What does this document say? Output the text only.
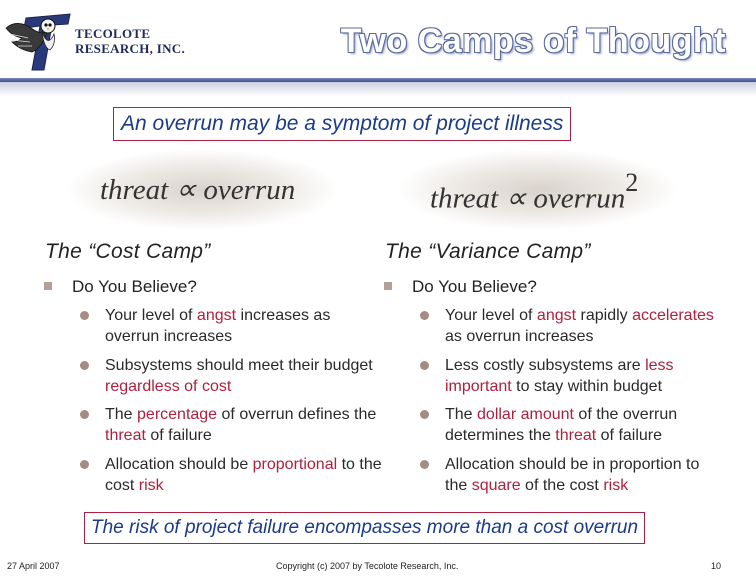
TECOLOTE
RESEARCH, INC.	Two Camps of Thought
An overrun may be a symptom of project illness
threat ∝ overrun	threat ∝ overrun$^2$
The “Cost Camp”	The “Variance Camp”
Do You Believe?	Do You Believe?
Your level of angst increases as overrun increases
Subsystems should meet their budget regardless of cost
The percentage of overrun defines the threat of failure
Allocation should be proportional to the cost risk
Your level of angst rapidly accelerates as overrun increases
Less costly subsystems are less important to stay within budget
The dollar amount of the overrun determines the threat of failure
Allocation should be in proportion to the square of the cost risk
The risk of project failure encompasses more than a cost overrun
27 April 2007	Copyright (c) 2007 by Tecolote Research, Inc.	10
